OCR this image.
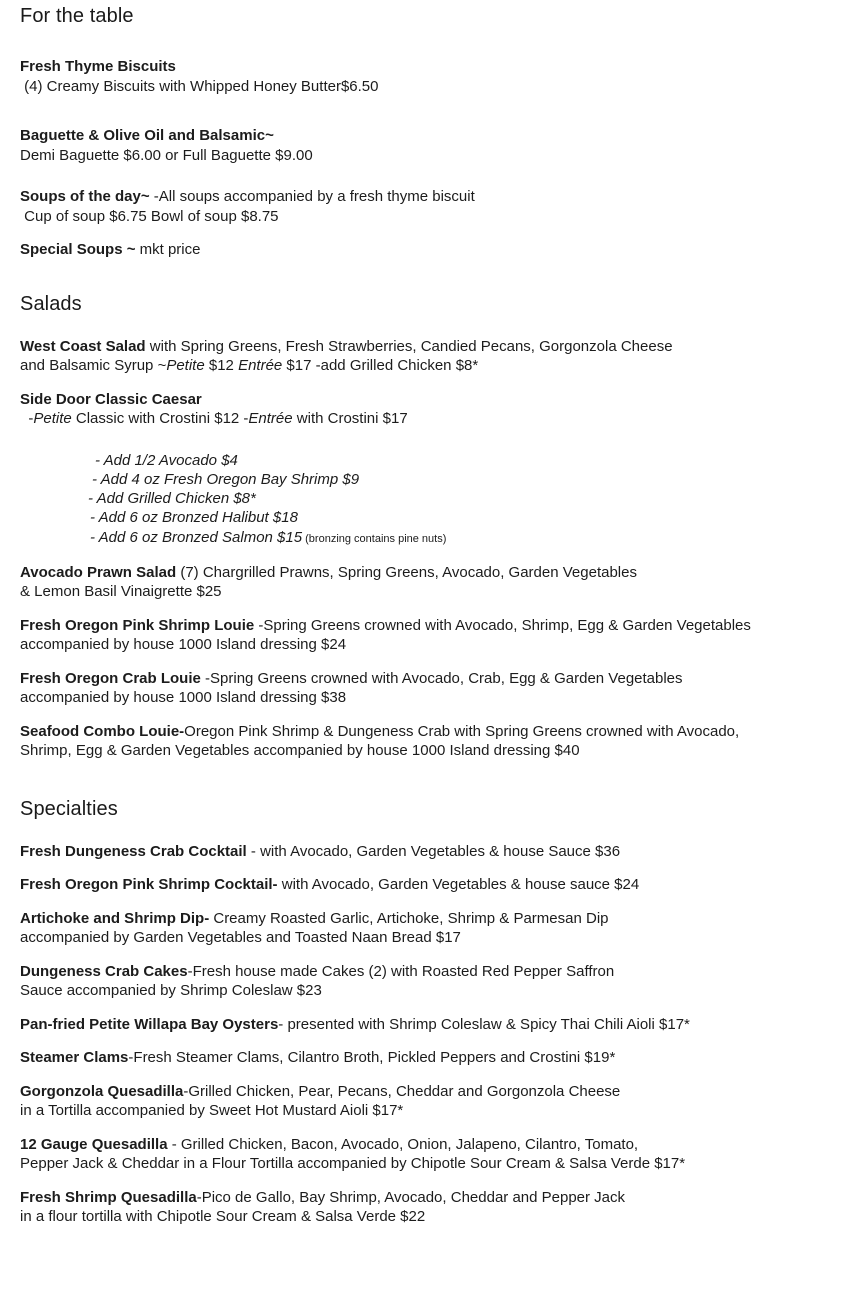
For the table
Fresh Thyme Biscuits
(4) Creamy Biscuits with Whipped Honey Butter$6.50
Baguette & Olive Oil and Balsamic~
Demi Baguette $6.00 or Full Baguette $9.00
Soups of the day~ -All soups accompanied by a fresh thyme biscuit
Cup of soup $6.75 Bowl of soup $8.75
Special Soups ~ mkt price
Salads
West Coast Salad with Spring Greens, Fresh Strawberries, Candied Pecans, Gorgonzola Cheese
and Balsamic Syrup ~Petite $12 Entrée $17 -add Grilled Chicken $8*
Side Door Classic Caesar
-Petite Classic with Crostini $12 -Entrée with Crostini $17
- Add 1/2 Avocado $4
- Add 4 oz Fresh Oregon Bay Shrimp $9
- Add Grilled Chicken $8*
- Add 6 oz Bronzed Halibut $18
- Add 6 oz Bronzed Salmon $15 (bronzing contains pine nuts)
Avocado Prawn Salad (7) Chargrilled Prawns, Spring Greens, Avocado, Garden Vegetables
& Lemon Basil Vinaigrette $25
Fresh Oregon Pink Shrimp Louie -Spring Greens crowned with Avocado, Shrimp, Egg & Garden Vegetables
accompanied by house 1000 Island dressing $24
Fresh Oregon Crab Louie -Spring Greens crowned with Avocado, Crab, Egg & Garden Vegetables
accompanied by house 1000 Island dressing $38
Seafood Combo Louie-Oregon Pink Shrimp & Dungeness Crab with Spring Greens crowned with Avocado,
Shrimp, Egg & Garden Vegetables accompanied by house 1000 Island dressing $40
Specialties
Fresh Dungeness Crab Cocktail - with Avocado, Garden Vegetables & house Sauce $36
Fresh Oregon Pink Shrimp Cocktail- with Avocado, Garden Vegetables & house sauce $24
Artichoke and Shrimp Dip- Creamy Roasted Garlic, Artichoke, Shrimp & Parmesan Dip
accompanied by Garden Vegetables and Toasted Naan Bread $17
Dungeness Crab Cakes-Fresh house made Cakes (2) with Roasted Red Pepper Saffron
Sauce accompanied by Shrimp Coleslaw $23
Pan-fried Petite Willapa Bay Oysters- presented with Shrimp Coleslaw & Spicy Thai Chili Aioli $17*
Steamer Clams-Fresh Steamer Clams, Cilantro Broth, Pickled Peppers and Crostini $19*
Gorgonzola Quesadilla-Grilled Chicken, Pear, Pecans, Cheddar and Gorgonzola Cheese
in a Tortilla accompanied by Sweet Hot Mustard Aioli $17*
12 Gauge Quesadilla - Grilled Chicken, Bacon, Avocado, Onion, Jalapeno, Cilantro, Tomato,
Pepper Jack & Cheddar in a Flour Tortilla accompanied by Chipotle Sour Cream & Salsa Verde $17*
Fresh Shrimp Quesadilla-Pico de Gallo, Bay Shrimp, Avocado, Cheddar and Pepper Jack
in a flour tortilla with Chipotle Sour Cream & Salsa Verde $22
